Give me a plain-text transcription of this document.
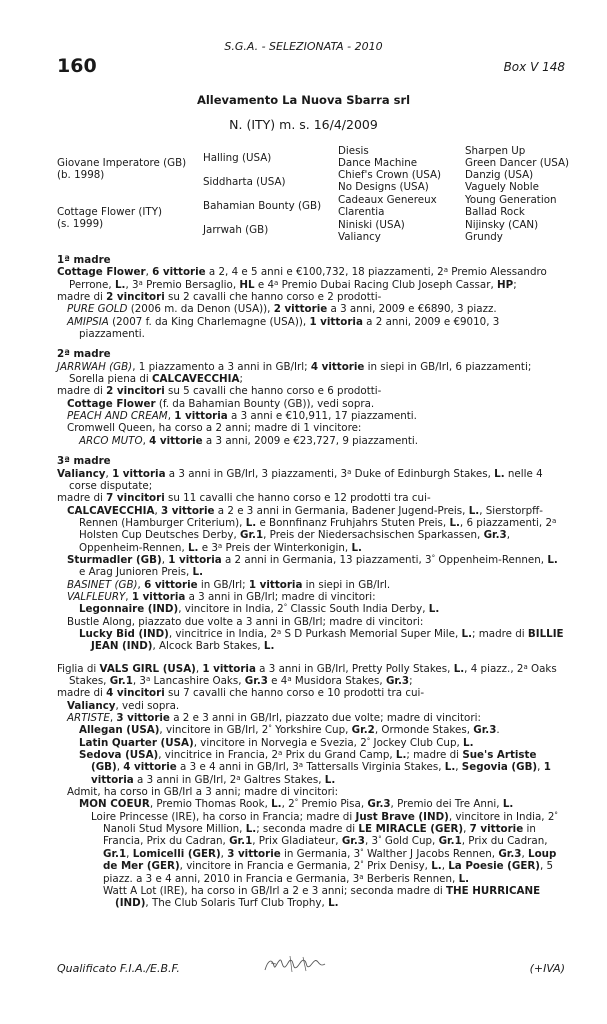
S.G.A. - SELEZIONATA - 2010
160	Box V 148
Allevamento La Nuova Sbarra srl
N. (ITY) m. s. 16/4/2009
Giovane Imperatore (GB)
(b. 1998)
Cottage Flower (ITY)
(s. 1999)
Halling (USA)
Siddharta (USA)
Bahamian Bounty (GB)
Jarrwah (GB)
Diesis
Dance Machine
Chief's Crown (USA)
No Designs (USA)
Cadeaux Genereux
Clarentia
Niniski (USA)
Valiancy
Sharpen Up
Green Dancer (USA)
Danzig (USA)
Vaguely Noble
Young Generation
Ballad Rock
Nijinsky (CAN)
Grundy

1ª madre

Cottage Flower, 6 vittorie a 2, 4 e 5 anni e €100,732, 18 piazzamenti, 2$^a$ Premio Alessandro Perrone, L., 3$^a$ Premio Bersaglio, HL e 4$^a$ Premio Dubai Racing Club Joseph Cassar, HP;

madre di 2 vincitori su 2 cavalli che hanno corso e 2 prodotti-

PURE GOLD (2006 m. da Denon (USA)), 2 vittorie a 3 anni, 2009 e €6890, 3 piazz.

AMIPSIA (2007 f. da King Charlemagne (USA)), 1 vittoria a 2 anni, 2009 e €9010, 3 piazzamenti.

2ª madre

JARRWAH (GB), 1 piazzamento a 3 anni in GB/Irl; 4 vittorie in siepi in GB/Irl, 6 piazzamenti; Sorella piena di CALCAVECCHIA;

madre di 2 vincitori su 5 cavalli che hanno corso e 6 prodotti-

Cottage Flower (f. da Bahamian Bounty (GB)), vedi sopra.

PEACH AND CREAM, 1 vittoria a 3 anni e €10,911, 17 piazzamenti.

Cromwell Queen, ha corso a 2 anni; madre di 1 vincitore:

ARCO MUTO, 4 vittorie a 3 anni, 2009 e €23,727, 9 piazzamenti.

3ª madre

Valiancy, 1 vittoria a 3 anni in GB/Irl, 3 piazzamenti, 3$^a$ Duke of Edinburgh Stakes, L. nelle 4 corse disputate;

madre di 7 vincitori su 11 cavalli che hanno corso e 12 prodotti tra cui-

CALCAVECCHIA, 3 vittorie a 2 e 3 anni in Germania, Badener Jugend-Preis, L., Sierstorpff-Rennen (Hamburger Criterium), L. e Bonnfinanz Fruhjahrs Stuten Preis, L., 6 piazzamenti, 2$^a$ Holsten Cup Deutsches Derby, Gr.1, Preis der Niedersachsischen Sparkassen, Gr.3, Oppenheim-Rennen, L. e 3$^a$ Preis der Winterkonigin, L.

Sturmadler (GB), 1 vittoria a 2 anni in Germania, 13 piazzamenti, 3° Oppenheim-Rennen, L. e Arag Junioren Preis, L.

BASINET (GB), 6 vittorie in GB/Irl; 1 vittoria in siepi in GB/Irl.

VALFLEURY, 1 vittoria a 3 anni in GB/Irl; madre di vincitori:

Legonnaire (IND), vincitore in India, 2° Classic South India Derby, L.

Bustle Along, piazzato due volte a 3 anni in GB/Irl; madre di vincitori:

Lucky Bid (IND), vincitrice in India, 2$^a$ S D Purkash Memorial Super Mile, L.; madre di BILLIE JEAN (IND), Alcock Barb Stakes, L.

Figlia di VALS GIRL (USA), 1 vittoria a 3 anni in GB/Irl, Pretty Polly Stakes, L., 4 piazz., 2$^a$ Oaks Stakes, Gr.1, 3$^a$ Lancashire Oaks, Gr.3 e 4$^a$ Musidora Stakes, Gr.3;

madre di 4 vincitori su 7 cavalli che hanno corso e 10 prodotti tra cui-

Valiancy, vedi sopra.

ARTISTE, 3 vittorie a 2 e 3 anni in GB/Irl, piazzato due volte; madre di vincitori:

Allegan (USA), vincitore in GB/Irl, 2° Yorkshire Cup, Gr.2, Ormonde Stakes, Gr.3.

Latin Quarter (USA), vincitore in Norvegia e Svezia, 2° Jockey Club Cup, L.

Sedova (USA), vincitrice in Francia, 2$^a$ Prix du Grand Camp, L.; madre di Sue's Artiste (GB), 4 vittorie a 3 e 4 anni in GB/Irl, 3$^a$ Tattersalls Virginia Stakes, L., Segovia (GB), 1 vittoria a 3 anni in GB/Irl, 2$^a$ Galtres Stakes, L.

Admit, ha corso in GB/Irl a 3 anni; madre di vincitori:

MON COEUR, Premio Thomas Rook, L., 2° Premio Pisa, Gr.3, Premio dei Tre Anni, L.

Loire Princesse (IRE), ha corso in Francia; madre di Just Brave (IND), vincitore in India, 2° Nanoli Stud Mysore Million, L.; seconda madre di LE MIRACLE (GER), 7 vittorie in Francia, Prix du Cadran, Gr.1, Prix Gladiateur, Gr.3, 3° Gold Cup, Gr.1, Prix du Cadran, Gr.1, Lomicelli (GER), 3 vittorie in Germania, 3° Walther J Jacobs Rennen, Gr.3, Loup de Mer (GER), vincitore in Francia e Germania, 2° Prix Denisy, L., La Poesie (GER), 5 piazz. a 3 e 4 anni, 2010 in Francia e Germania, 3$^a$ Berberis Rennen, L.

Watt A Lot (IRE), ha corso in GB/Irl a 2 e 3 anni; seconda madre di THE HURRICANE (IND), The Club Solaris Turf Club Trophy, L.

Qualificato F.I.A./E.B.F.	(+IVA)
